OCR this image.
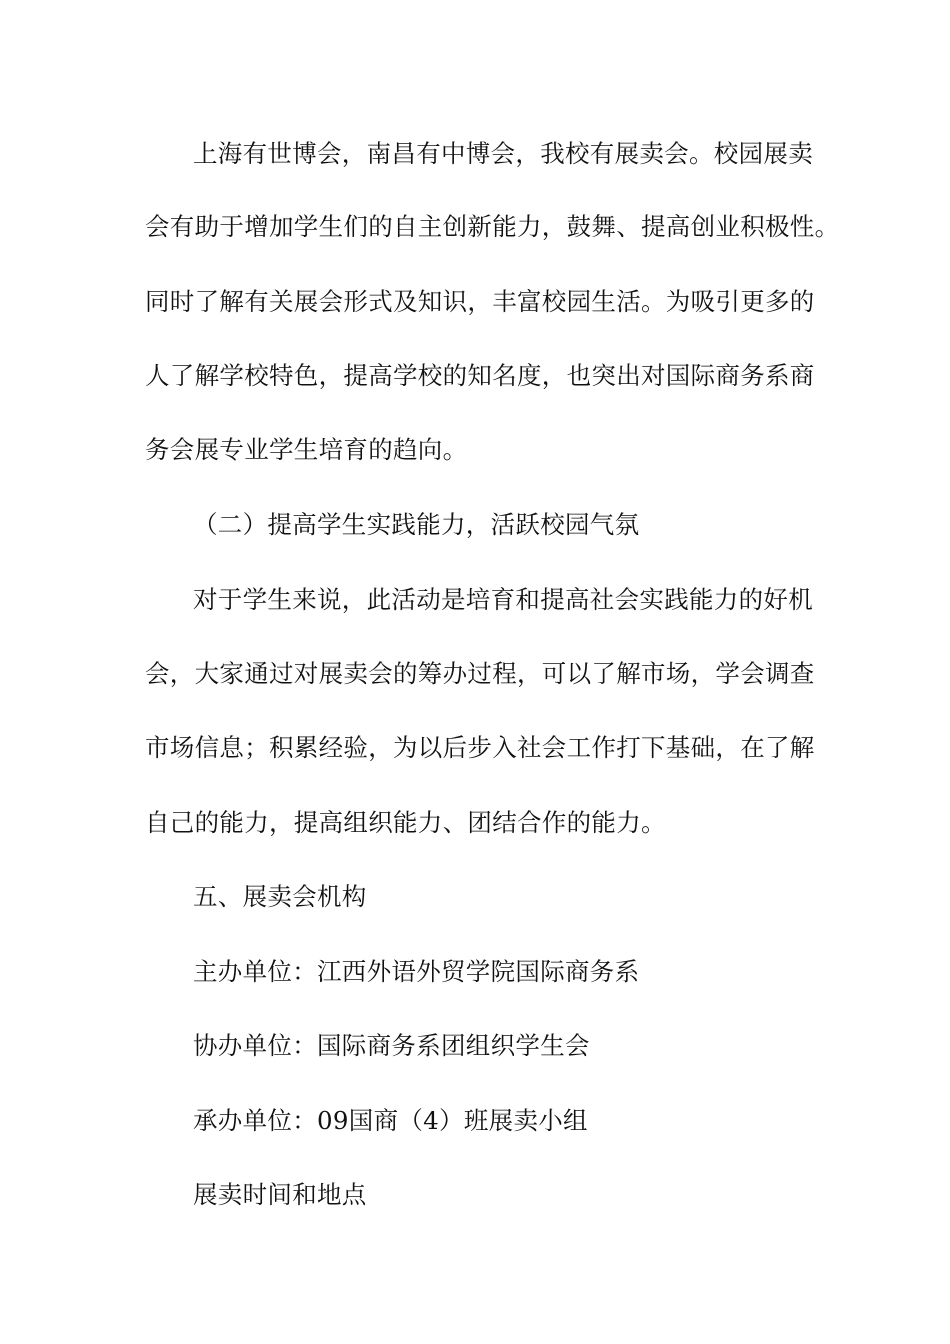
上海有世博会，南昌有中博会，我校有展卖会。校园展卖
会有助于增加学生们的自主创新能力，鼓舞、提高创业积极性。
同时了解有关展会形式及知识，丰富校园生活。为吸引更多的
人了解学校特色，提高学校的知名度，也突出对国际商务系商
务会展专业学生培育的趋向。
（二）提高学生实践能力，活跃校园气氛
对于学生来说，此活动是培育和提高社会实践能力的好机
会，大家通过对展卖会的筹办过程，可以了解市场，学会调查
市场信息；积累经验，为以后步入社会工作打下基础，在了解
自己的能力，提高组织能力、团结合作的能力。
五、展卖会机构
主办单位：江西外语外贸学院国际商务系
协办单位：国际商务系团组织学生会
承办单位：09国商（4）班展卖小组
展卖时间和地点
